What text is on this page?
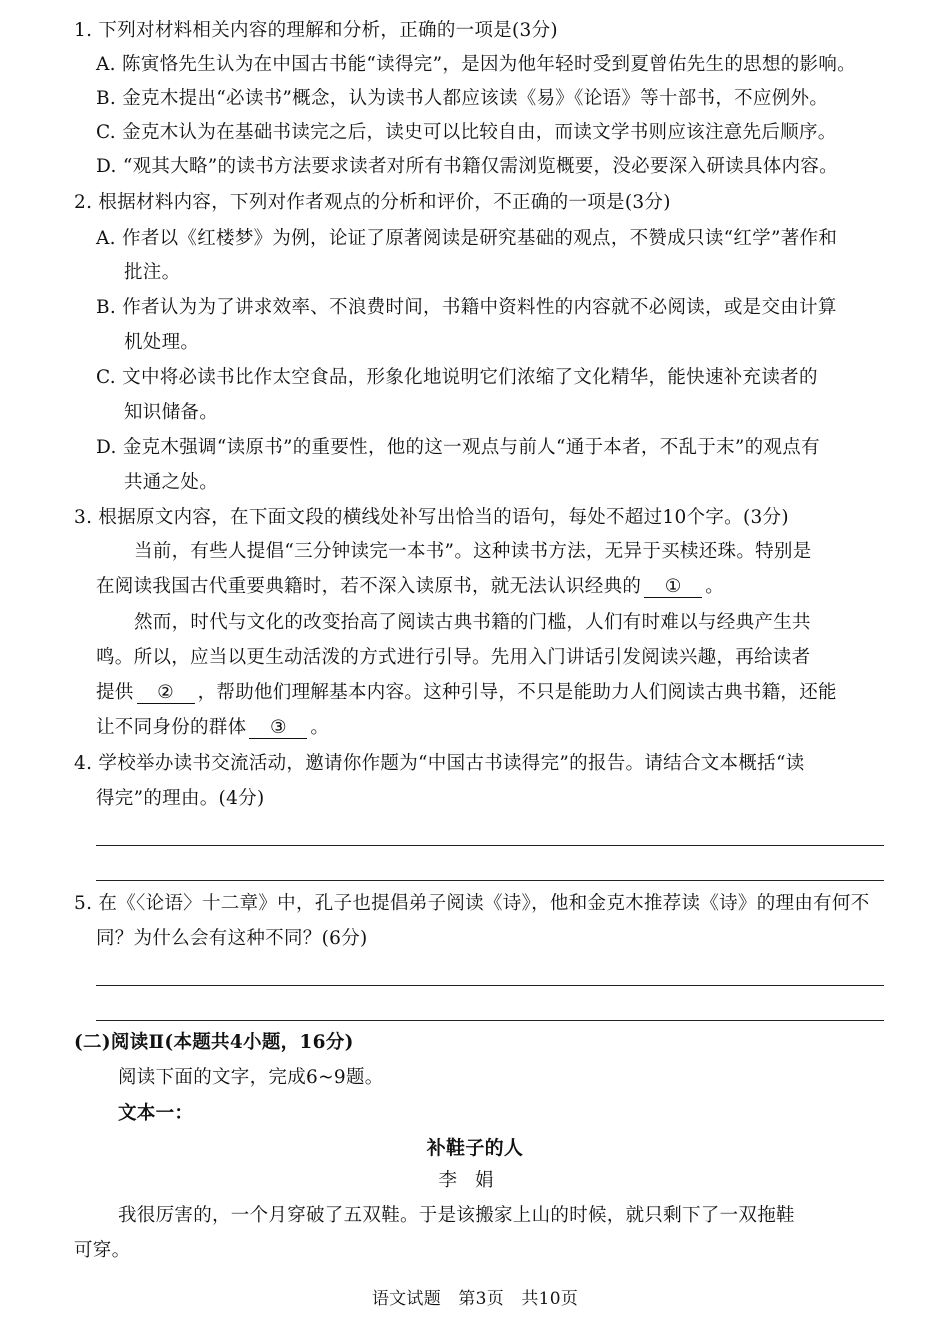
1. 下列对材料相关内容的理解和分析，正确的一项是(3分)
A. 陈寅恪先生认为在中国古书能“读得完”，是因为他年轻时受到夏曾佑先生的思想的影响。
B. 金克木提出“必读书”概念，认为读书人都应该读《易》《论语》等十部书，不应例外。
C. 金克木认为在基础书读完之后，读史可以比较自由，而读文学书则应该注意先后顺序。
D. “观其大略”的读书方法要求读者对所有书籍仅需浏览概要，没必要深入研读具体内容。
2. 根据材料内容，下列对作者观点的分析和评价，不正确的一项是(3分)
A. 作者以《红楼梦》为例，论证了原著阅读是研究基础的观点，不赞成只读“红学”著作和
批注。
B. 作者认为为了讲求效率、不浪费时间，书籍中资料性的内容就不必阅读，或是交由计算
机处理。
C. 文中将必读书比作太空食品，形象化地说明它们浓缩了文化精华，能快速补充读者的
知识储备。
D. 金克木强调“读原书”的重要性，他的这一观点与前人“通于本者，不乱于末”的观点有
共通之处。
3. 根据原文内容，在下面文段的横线处补写出恰当的语句，每处不超过10个字。(3分)
当前，有些人提倡“三分钟读完一本书”。这种读书方法，无异于买椟还珠。特别是
在阅读我国古代重要典籍时，若不深入读原书，就无法认识经典的 ① 。
然而，时代与文化的改变抬高了阅读古典书籍的门槛，人们有时难以与经典产生共
鸣。所以，应当以更生动活泼的方式进行引导。先用入门讲话引发阅读兴趣，再给读者
提供 ② ，帮助他们理解基本内容。这种引导，不只是能助力人们阅读古典书籍，还能
让不同身份的群体 ③ 。
4. 学校举办读书交流活动，邀请你作题为“中国古书读得完”的报告。请结合文本概括“读
得完”的理由。(4分)
5. 在《〈论语〉十二章》中，孔子也提倡弟子阅读《诗》，他和金克木推荐读《诗》的理由有何不
同？为什么会有这种不同？(6分)
(二)阅读Ⅱ(本题共4小题，16分)
阅读下面的文字，完成6~9题。
文本一：
补鞋子的人
李娟
我很厉害的，一个月穿破了五双鞋。于是该搬家上山的时候，就只剩下了一双拖鞋
可穿。
语文试题　第3页　共10页
